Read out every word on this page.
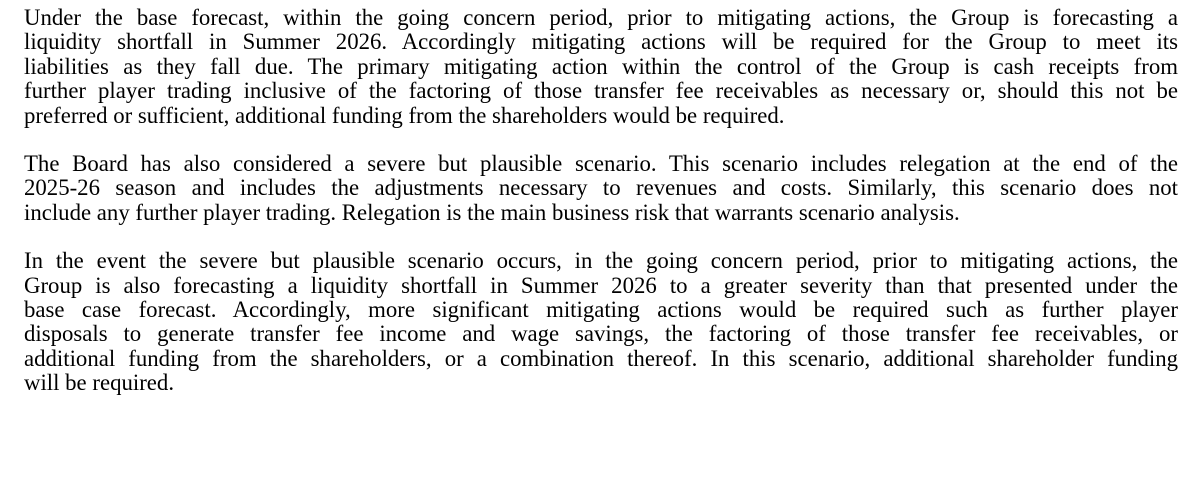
Under the base forecast, within the going concern period, prior to mitigating actions, the Group is forecasting a
liquidity shortfall in Summer 2026. Accordingly mitigating actions will be required for the Group to meet its
liabilities as they fall due. The primary mitigating action within the control of the Group is cash receipts from
further player trading inclusive of the factoring of those transfer fee receivables as necessary or, should this not be
preferred or sufficient, additional funding from the shareholders would be required.

The Board has also considered a severe but plausible scenario. This scenario includes relegation at the end of the
2025-26 season and includes the adjustments necessary to revenues and costs. Similarly, this scenario does not
include any further player trading. Relegation is the main business risk that warrants scenario analysis.

In the event the severe but plausible scenario occurs, in the going concern period, prior to mitigating actions, the
Group is also forecasting a liquidity shortfall in Summer 2026 to a greater severity than that presented under the
base case forecast. Accordingly, more significant mitigating actions would be required such as further player
disposals to generate transfer fee income and wage savings, the factoring of those transfer fee receivables, or
additional funding from the shareholders, or a combination thereof. In this scenario, additional shareholder funding
will be required.
